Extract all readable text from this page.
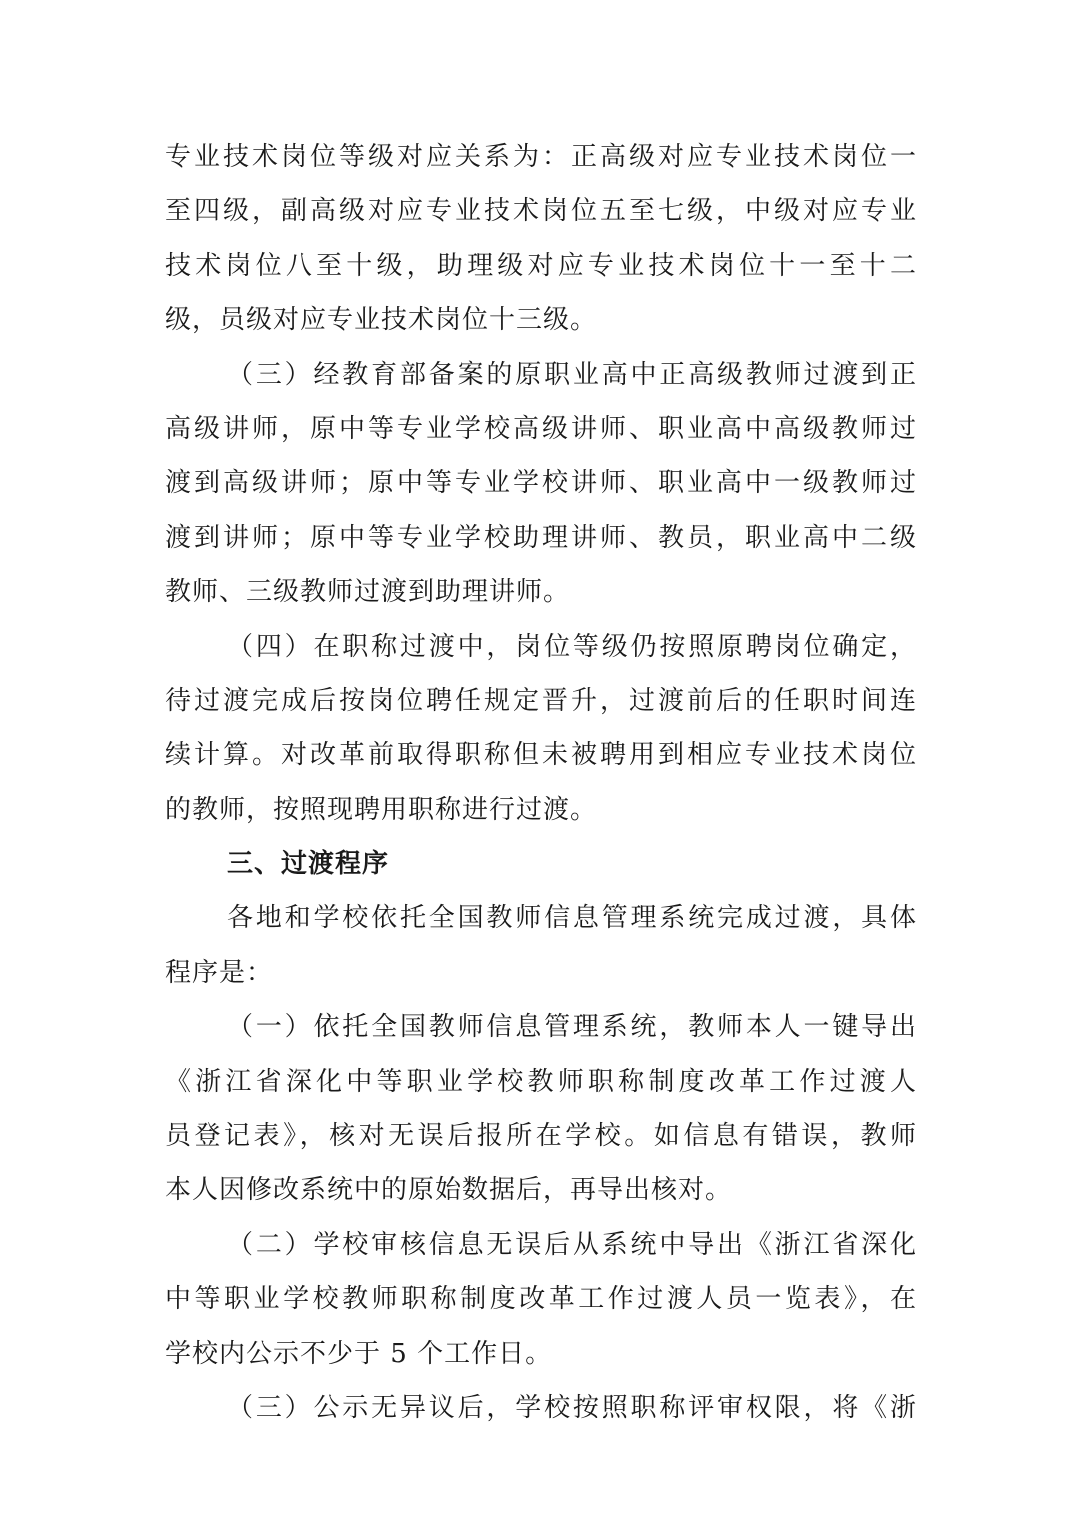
专业技术岗位等级对应关系为：正高级对应专业技术岗位一
至四级，副高级对应专业技术岗位五至七级，中级对应专业
技术岗位八至十级，助理级对应专业技术岗位十一至十二
级，员级对应专业技术岗位十三级。
（三）经教育部备案的原职业高中正高级教师过渡到正
高级讲师，原中等专业学校高级讲师、职业高中高级教师过
渡到高级讲师；原中等专业学校讲师、职业高中一级教师过
渡到讲师；原中等专业学校助理讲师、教员，职业高中二级
教师、三级教师过渡到助理讲师。
（四）在职称过渡中，岗位等级仍按照原聘岗位确定，
待过渡完成后按岗位聘任规定晋升，过渡前后的任职时间连
续计算。对改革前取得职称但未被聘用到相应专业技术岗位
的教师，按照现聘用职称进行过渡。
三、过渡程序
各地和学校依托全国教师信息管理系统完成过渡，具体
程序是：
（一）依托全国教师信息管理系统，教师本人一键导出
《浙江省深化中等职业学校教师职称制度改革工作过渡人
员登记表》，核对无误后报所在学校。如信息有错误，教师
本人因修改系统中的原始数据后，再导出核对。
（二）学校审核信息无误后从系统中导出《浙江省深化
中等职业学校教师职称制度改革工作过渡人员一览表》，在
学校内公示不少于 5 个工作日。
（三）公示无异议后，学校按照职称评审权限，将《浙
